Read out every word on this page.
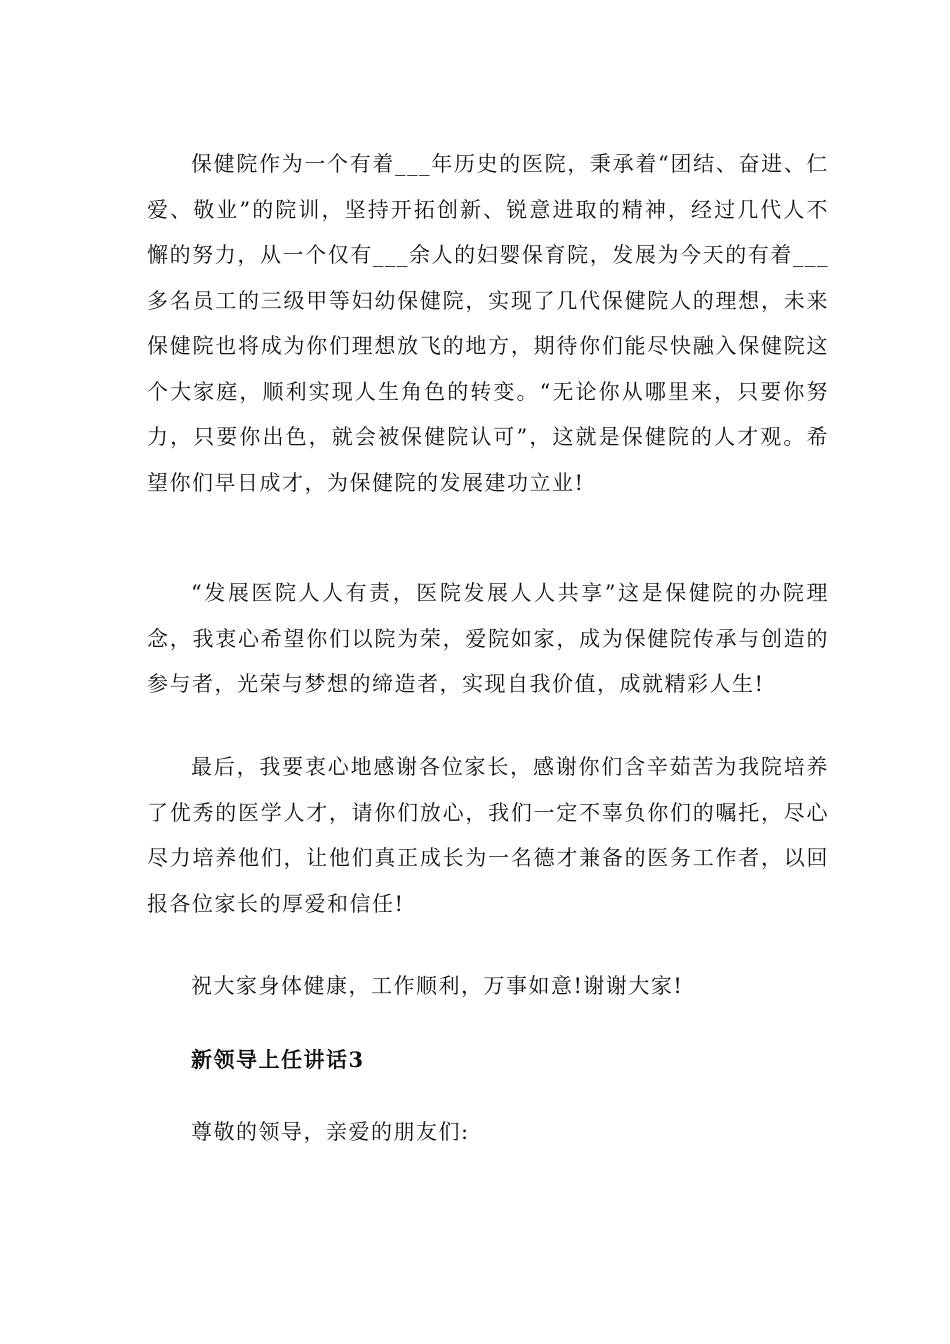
保健院作为一个有着___年历史的医院，秉承着“团结、奋进、仁爱、敬业”的院训，坚持开拓创新、锐意进取的精神，经过几代人不懈的努力，从一个仅有___余人的妇婴保育院，发展为今天的有着___多名员工的三级甲等妇幼保健院，实现了几代保健院人的理想，未来保健院也将成为你们理想放飞的地方，期待你们能尽快融入保健院这个大家庭，顺利实现人生角色的转变。“无论你从哪里来，只要你努力，只要你出色，就会被保健院认可”，这就是保健院的人才观。希望你们早日成才，为保健院的发展建功立业!

“发展医院人人有责，医院发展人人共享”这是保健院的办院理念，我衷心希望你们以院为荣，爱院如家，成为保健院传承与创造的参与者，光荣与梦想的缔造者，实现自我价值，成就精彩人生!

最后，我要衷心地感谢各位家长，感谢你们含辛茹苦为我院培养了优秀的医学人才，请你们放心，我们一定不辜负你们的嘱托，尽心尽力培养他们，让他们真正成长为一名德才兼备的医务工作者，以回报各位家长的厚爱和信任!

祝大家身体健康，工作顺利，万事如意!谢谢大家!

新领导上任讲话3

尊敬的领导，亲爱的朋友们:
